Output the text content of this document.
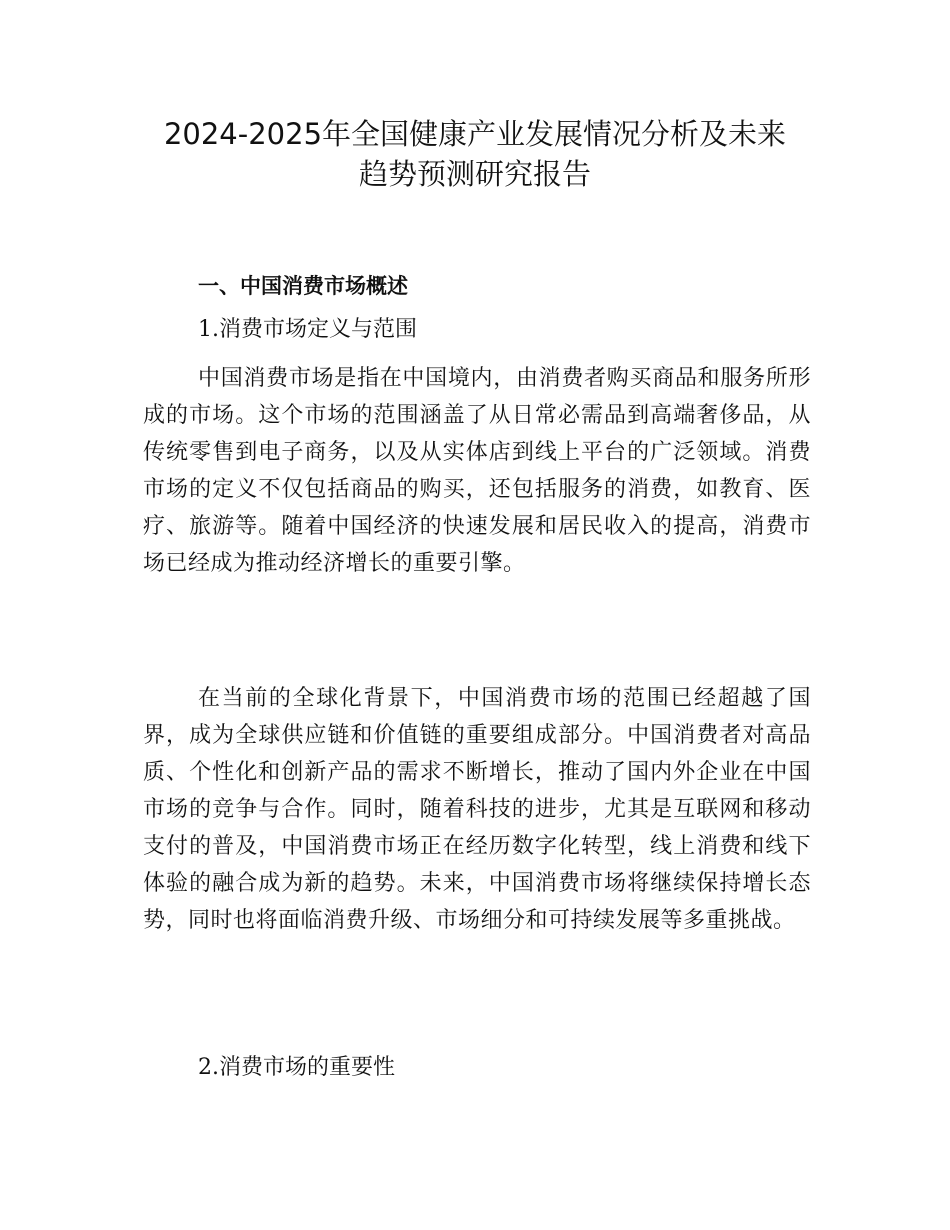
2024-2025年全国健康产业发展情况分析及未来
趋势预测研究报告
一、中国消费市场概述
1.消费市场定义与范围

中国消费市场是指在中国境内，由消费者购买商品和服务所形成的市场。这个市场的范围涵盖了从日常必需品到高端奢侈品，从传统零售到电子商务，以及从实体店到线上平台的广泛领域。消费市场的定义不仅包括商品的购买，还包括服务的消费，如教育、医疗、旅游等。随着中国经济的快速发展和居民收入的提高，消费市场已经成为推动经济增长的重要引擎。

在当前的全球化背景下，中国消费市场的范围已经超越了国界，成为全球供应链和价值链的重要组成部分。中国消费者对高品质、个性化和创新产品的需求不断增长，推动了国内外企业在中国市场的竞争与合作。同时，随着科技的进步，尤其是互联网和移动支付的普及，中国消费市场正在经历数字化转型，线上消费和线下体验的融合成为新的趋势。未来，中国消费市场将继续保持增长态势，同时也将面临消费升级、市场细分和可持续发展等多重挑战。

2.消费市场的重要性
